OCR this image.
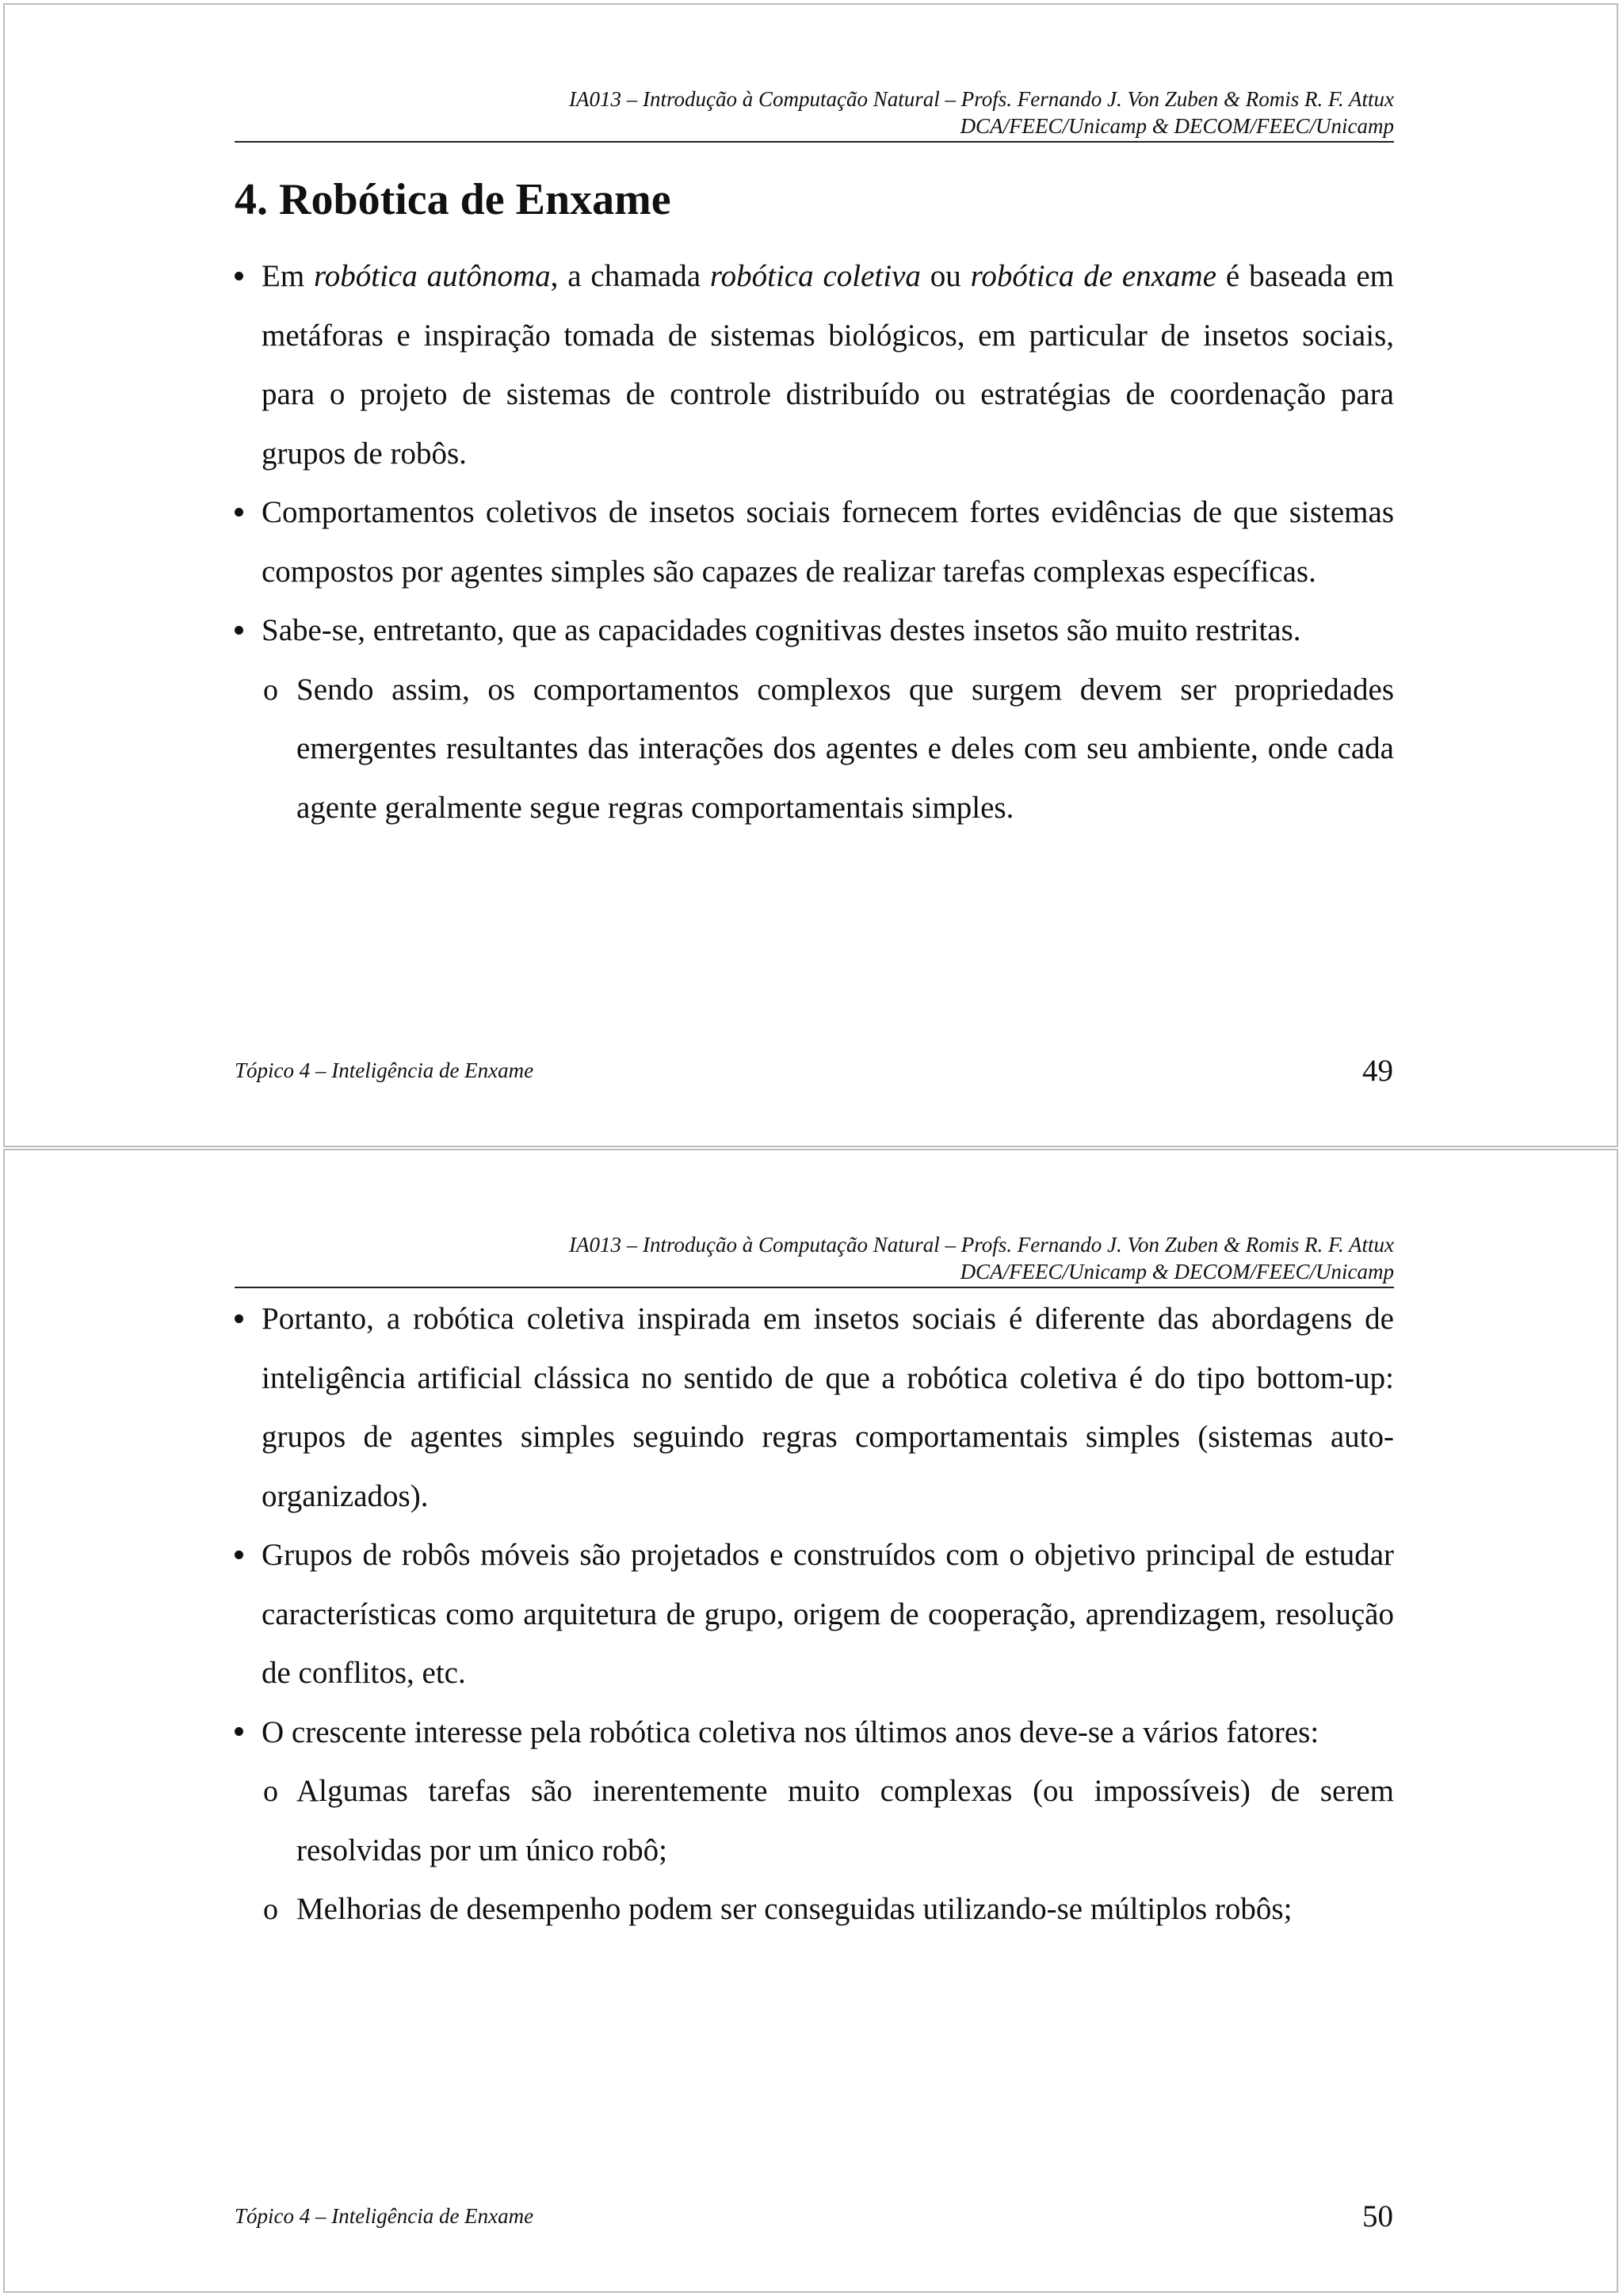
IA013 – Introdução à Computação Natural – Profs. Fernando J. Von Zuben & Romis R. F. Attux
DCA/FEEC/Unicamp & DECOM/FEEC/Unicamp
4. Robótica de Enxame
Em robótica autônoma, a chamada robótica coletiva ou robótica de enxame é baseada em metáforas e inspiração tomada de sistemas biológicos, em particular de insetos sociais, para o projeto de sistemas de controle distribuído ou estratégias de coordenação para grupos de robôs.
Comportamentos coletivos de insetos sociais fornecem fortes evidências de que sistemas compostos por agentes simples são capazes de realizar tarefas complexas específicas.
Sabe-se, entretanto, que as capacidades cognitivas destes insetos são muito restritas.
o Sendo assim, os comportamentos complexos que surgem devem ser propriedades emergentes resultantes das interações dos agentes e deles com seu ambiente, onde cada agente geralmente segue regras comportamentais simples.
Tópico 4 – Inteligência de Enxame	49
IA013 – Introdução à Computação Natural – Profs. Fernando J. Von Zuben & Romis R. F. Attux
DCA/FEEC/Unicamp & DECOM/FEEC/Unicamp
Portanto, a robótica coletiva inspirada em insetos sociais é diferente das abordagens de inteligência artificial clássica no sentido de que a robótica coletiva é do tipo bottom-up: grupos de agentes simples seguindo regras comportamentais simples (sistemas auto-organizados).
Grupos de robôs móveis são projetados e construídos com o objetivo principal de estudar características como arquitetura de grupo, origem de cooperação, aprendizagem, resolução de conflitos, etc.
O crescente interesse pela robótica coletiva nos últimos anos deve-se a vários fatores:
o Algumas tarefas são inerentemente muito complexas (ou impossíveis) de serem resolvidas por um único robô;
o Melhorias de desempenho podem ser conseguidas utilizando-se múltiplos robôs;
Tópico 4 – Inteligência de Enxame	50
